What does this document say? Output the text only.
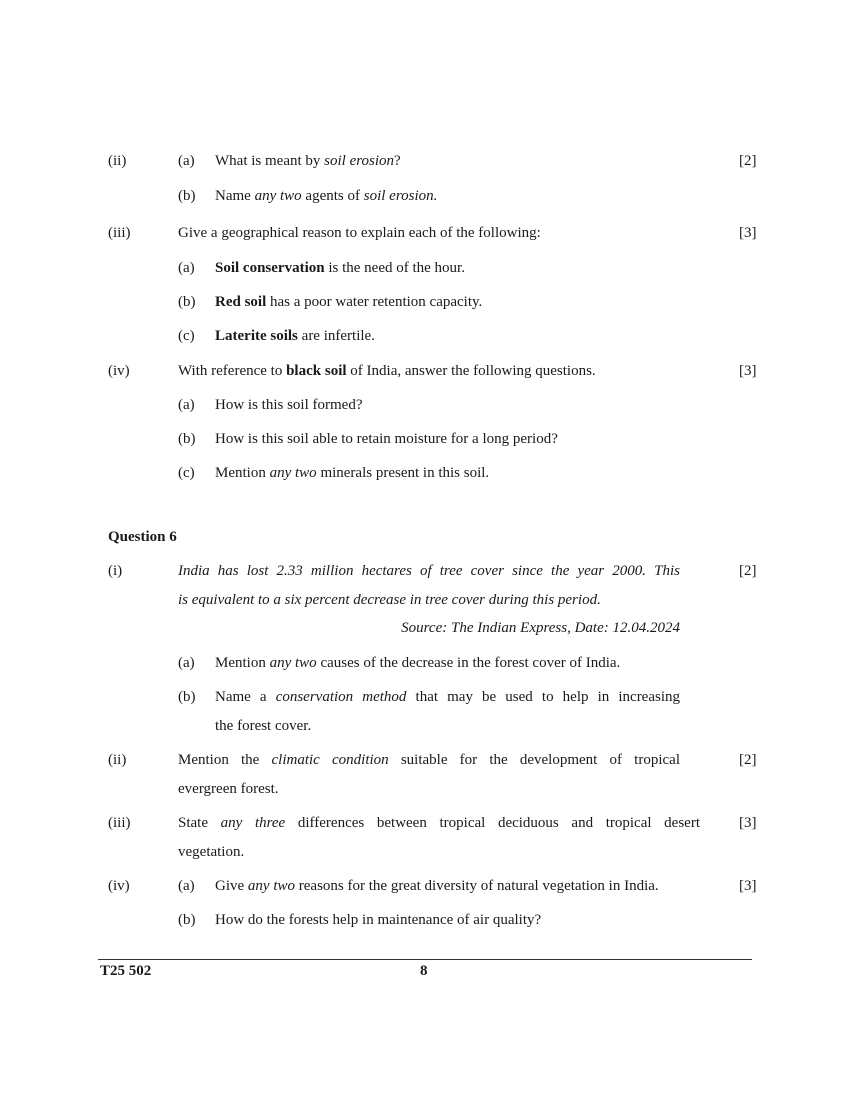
(ii)	(a) What is meant by soil erosion?	[2]
(b) Name any two agents of soil erosion.
(iii)	Give a geographical reason to explain each of the following:	[3]
(a) Soil conservation is the need of the hour.
(b) Red soil has a poor water retention capacity.
(c) Laterite soils are infertile.
(iv)	With reference to black soil of India, answer the following questions.	[3]
(a) How is this soil formed?
(b) How is this soil able to retain moisture for a long period?
(c) Mention any two minerals present in this soil.
Question 6
(i)	India has lost 2.33 million hectares of tree cover since the year 2000. This	[2]
is equivalent to a six percent decrease in tree cover during this period.
Source: The Indian Express, Date: 12.04.2024
(a) Mention any two causes of the decrease in the forest cover of India.
(b) Name a conservation method that may be used to help in increasing
the forest cover.
(ii)	Mention the climatic condition suitable for the development of tropical	[2]
evergreen forest.
(iii)	State any three differences between tropical deciduous and tropical desert	[3]
vegetation.
(iv)	(a) Give any two reasons for the great diversity of natural vegetation in India.	[3]
(b) How do the forests help in maintenance of air quality?
T25 502	8
